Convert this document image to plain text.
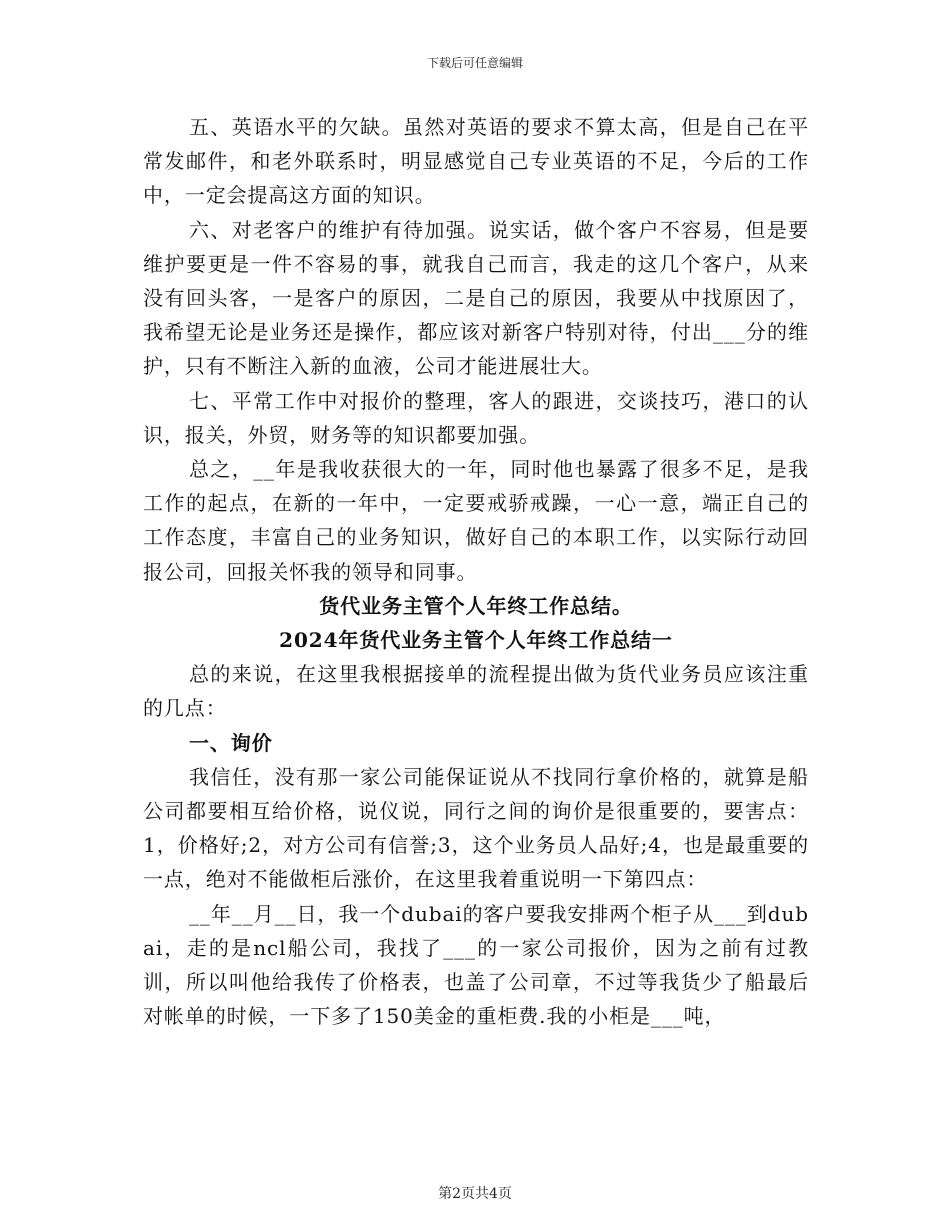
下载后可任意编辑

五、英语水平的欠缺。虽然对英语的要求不算太高，但是自己在平常发邮件，和老外联系时，明显感觉自己专业英语的不足，今后的工作中，一定会提高这方面的知识。

六、对老客户的维护有待加强。说实话，做个客户不容易，但是要维护要更是一件不容易的事，就我自己而言，我走的这几个客户，从来没有回头客，一是客户的原因，二是自己的原因，我要从中找原因了，我希望无论是业务还是操作，都应该对新客户特别对待，付出___分的维护，只有不断注入新的血液，公司才能进展壮大。

七、平常工作中对报价的整理，客人的跟进，交谈技巧，港口的认识，报关，外贸，财务等的知识都要加强。

总之，__年是我收获很大的一年，同时他也暴露了很多不足，是我工作的起点，在新的一年中，一定要戒骄戒躁，一心一意，端正自己的工作态度，丰富自己的业务知识，做好自己的本职工作，以实际行动回报公司，回报关怀我的领导和同事。

货代业务主管个人年终工作总结。

2024年货代业务主管个人年终工作总结一

总的来说，在这里我根据接单的流程提出做为货代业务员应该注重的几点：

一、询价

我信任，没有那一家公司能保证说从不找同行拿价格的，就算是船公司都要相互给价格，说仪说，同行之间的询价是很重要的，要害点：1，价格好;2，对方公司有信誉;3，这个业务员人品好;4，也是最重要的一点，绝对不能做柜后涨价，在这里我着重说明一下第四点：

__年__月__日，我一个dubai的客户要我安排两个柜子从___到dubai，走的是ncl船公司，我找了___的一家公司报价，因为之前有过教训，所以叫他给我传了价格表，也盖了公司章，不过等我货少了船最后对帐单的时候，一下多了150美金的重柜费.我的小柜是___吨，

第2页共4页
